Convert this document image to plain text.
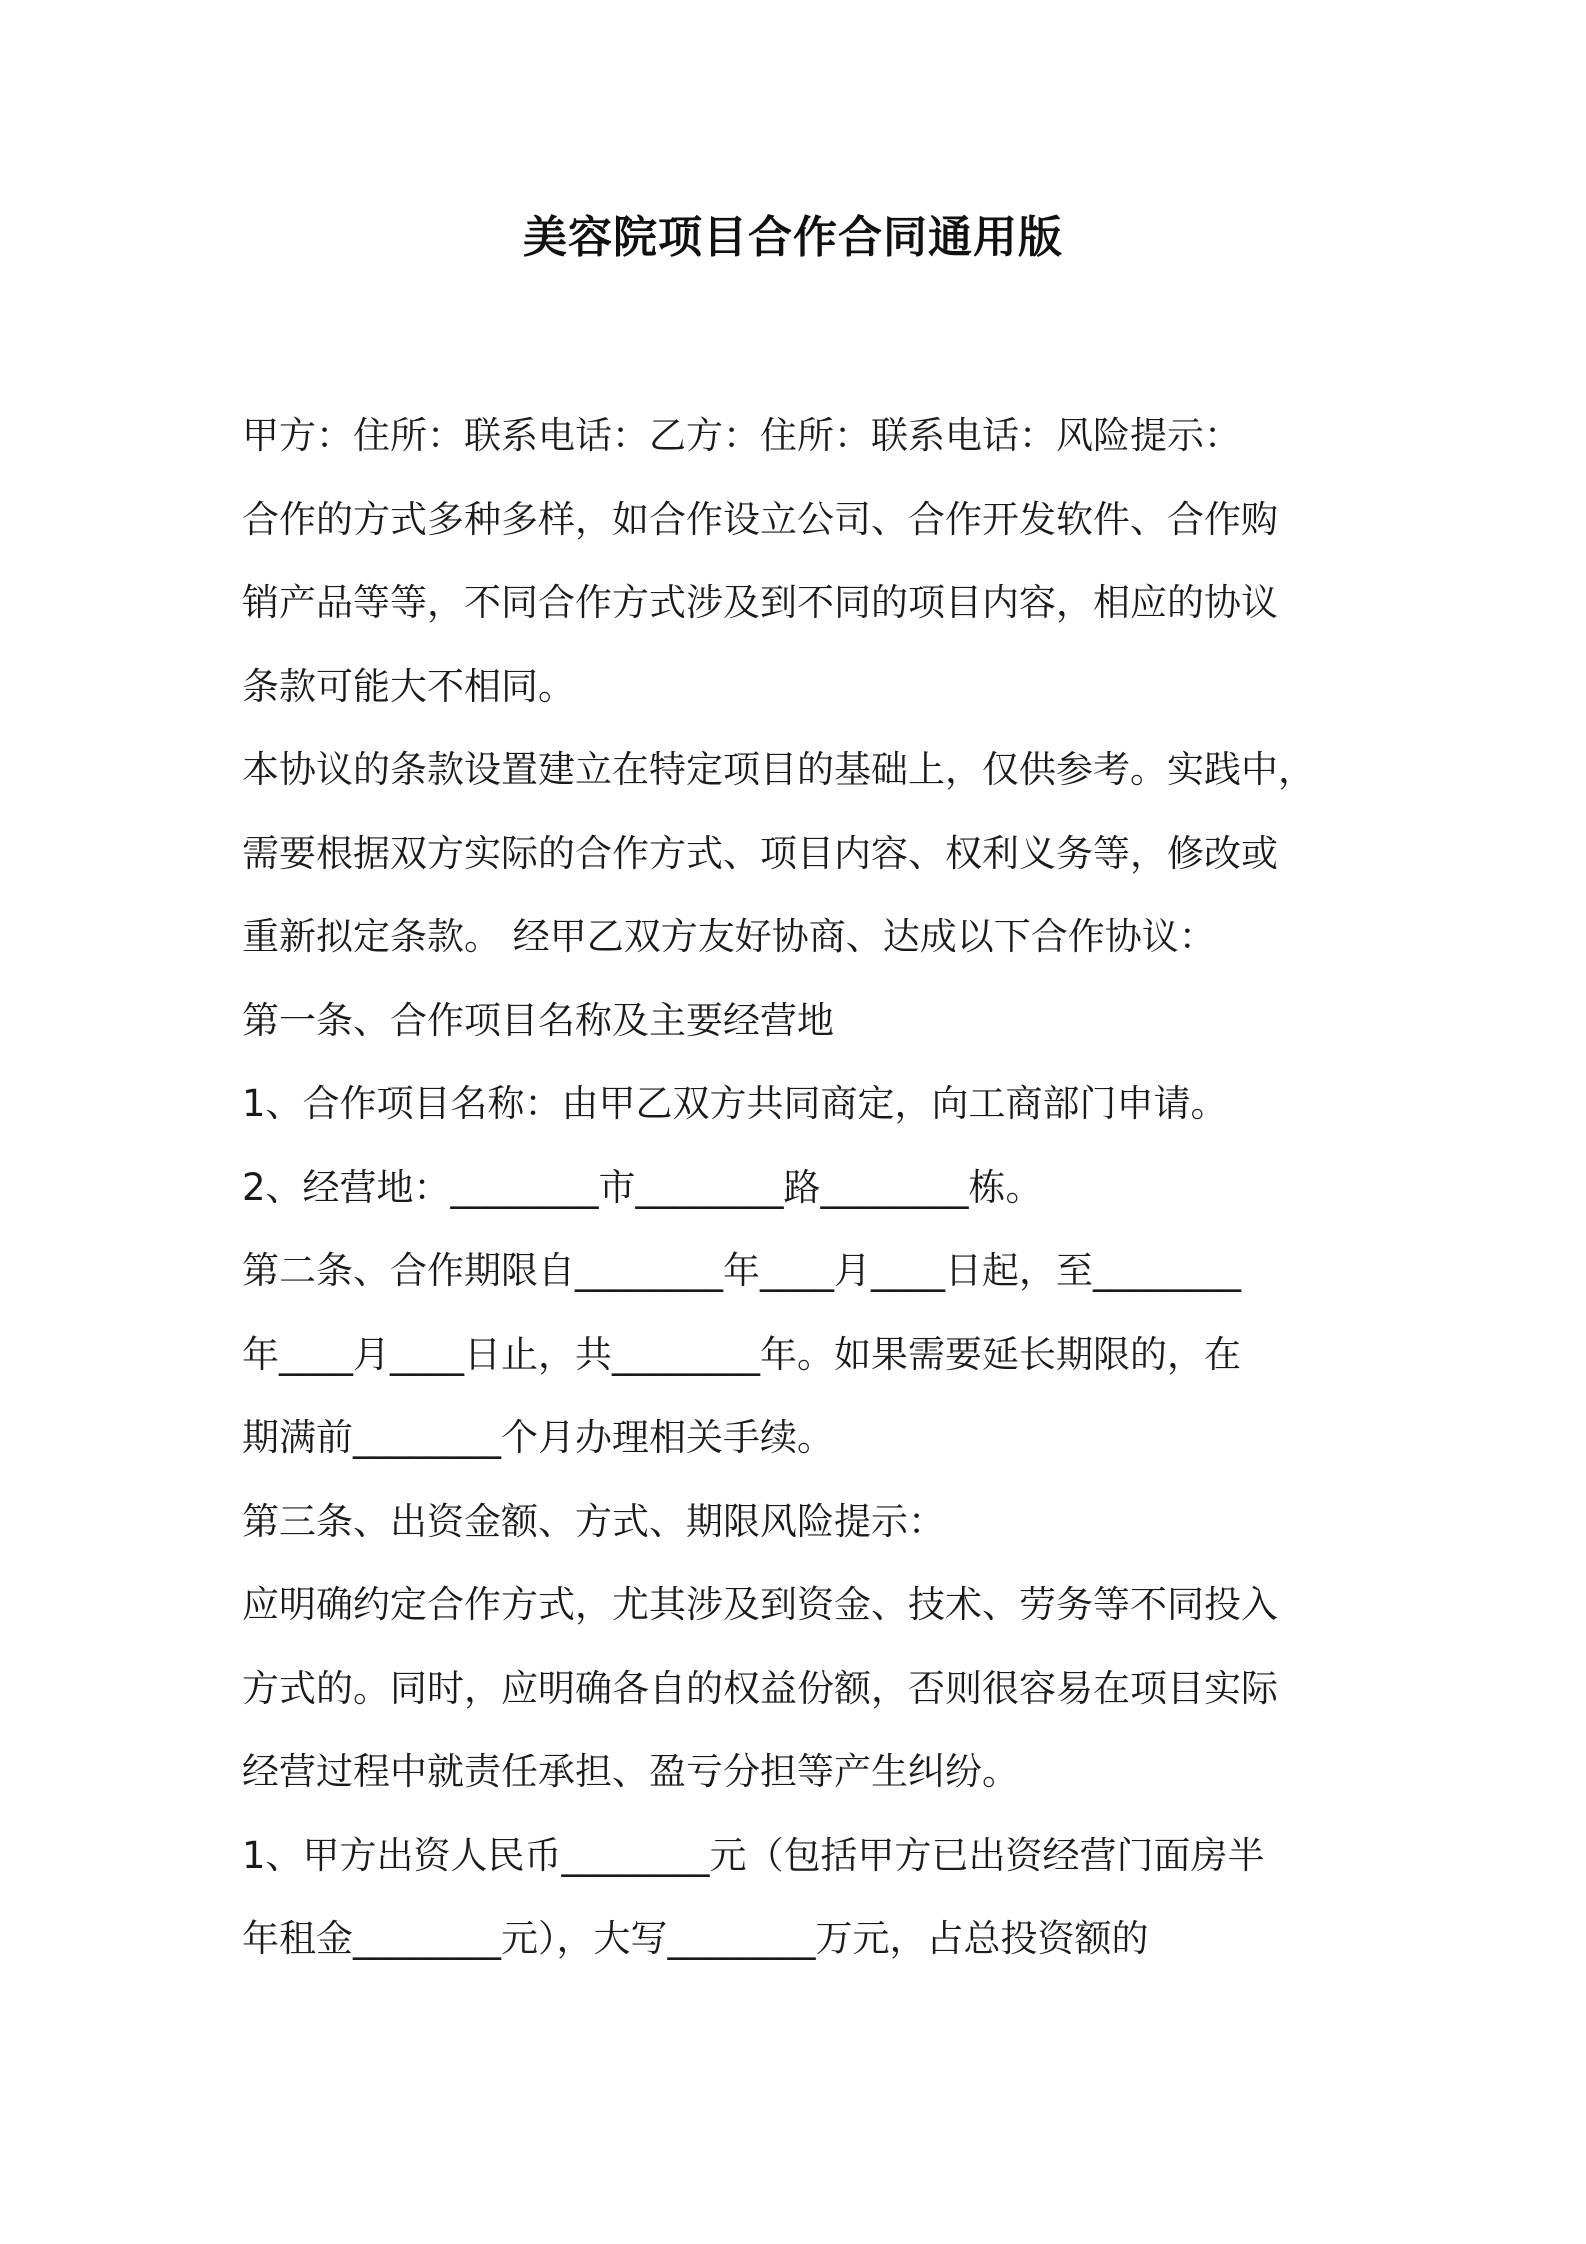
美容院项目合作合同通用版
甲方：住所：联系电话：乙方：住所：联系电话：风险提示：
合作的方式多种多样，如合作设立公司、合作开发软件、合作购
销产品等等，不同合作方式涉及到不同的项目内容，相应的协议
条款可能大不相同。
本协议的条款设置建立在特定项目的基础上，仅供参考。实践中，
需要根据双方实际的合作方式、项目内容、权利义务等，修改或
重新拟定条款。 经甲乙双方友好协商、达成以下合作协议：
第一条、合作项目名称及主要经营地
1、合作项目名称：由甲乙双方共同商定，向工商部门申请。
2、经营地：________市________路________栋。
第二条、合作期限自________年____月____日起，至________
年____月____日止，共________年。如果需要延长期限的，在
期满前________个月办理相关手续。
第三条、出资金额、方式、期限风险提示：
应明确约定合作方式，尤其涉及到资金、技术、劳务等不同投入
方式的。同时，应明确各自的权益份额，否则很容易在项目实际
经营过程中就责任承担、盈亏分担等产生纠纷。
1、甲方出资人民币________元（包括甲方已出资经营门面房半
年租金________元），大写________万元，占总投资额的
